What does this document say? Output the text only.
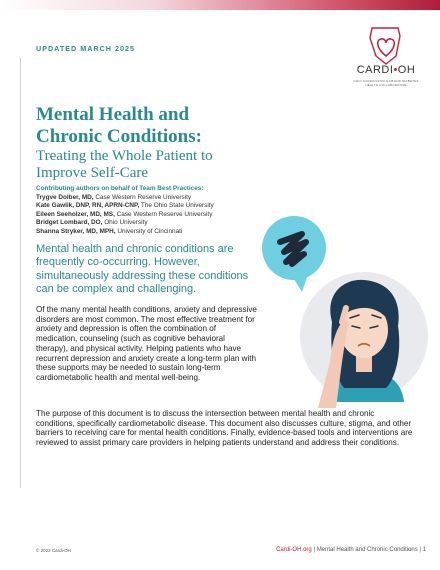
UPDATED MARCH 2025
CARDI•OH
OHIO CARDIOVASCULAR AND DIABETES HEALTH COLLABORATIVE
Mental Health and
Chronic Conditions:
Treating the Whole Patient to
Improve Self-Care
Contributing authors on behalf of Team Best Practices:
Trygve Dolber, MD, Case Western Reserve University
Kate Gawlik, DNP, RN, APRN-CNP, The Ohio State University
Eileen Seeholzer, MD, MS, Case Western Reserve University
Bridget Lombard, DO, Ohio University
Shanna Stryker, MD, MPH, University of Cincinnati
Mental health and chronic conditions are frequently co-occurring. However, simultaneously addressing these conditions can be complex and challenging.
Of the many mental health conditions, anxiety and depressive disorders are most common. The most effective treatment for anxiety and depression is often the combination of medication, counseling (such as cognitive behavioral therapy), and physical activity. Helping patients who have recurrent depression and anxiety create a long-term plan with these supports may be needed to sustain long-term cardiometabolic health and mental well-being.
The purpose of this document is to discuss the intersection between mental health and chronic conditions, specifically cardiometabolic disease. This document also discusses culture, stigma, and other barriers to receiving care for mental health conditions. Finally, evidence-based tools and interventions are reviewed to assist primary care providers in helping patients understand and address their conditions.
© 2022 Cardi-OH	Cardi-OH.org | Mental Health and Chronic Conditions | 1
